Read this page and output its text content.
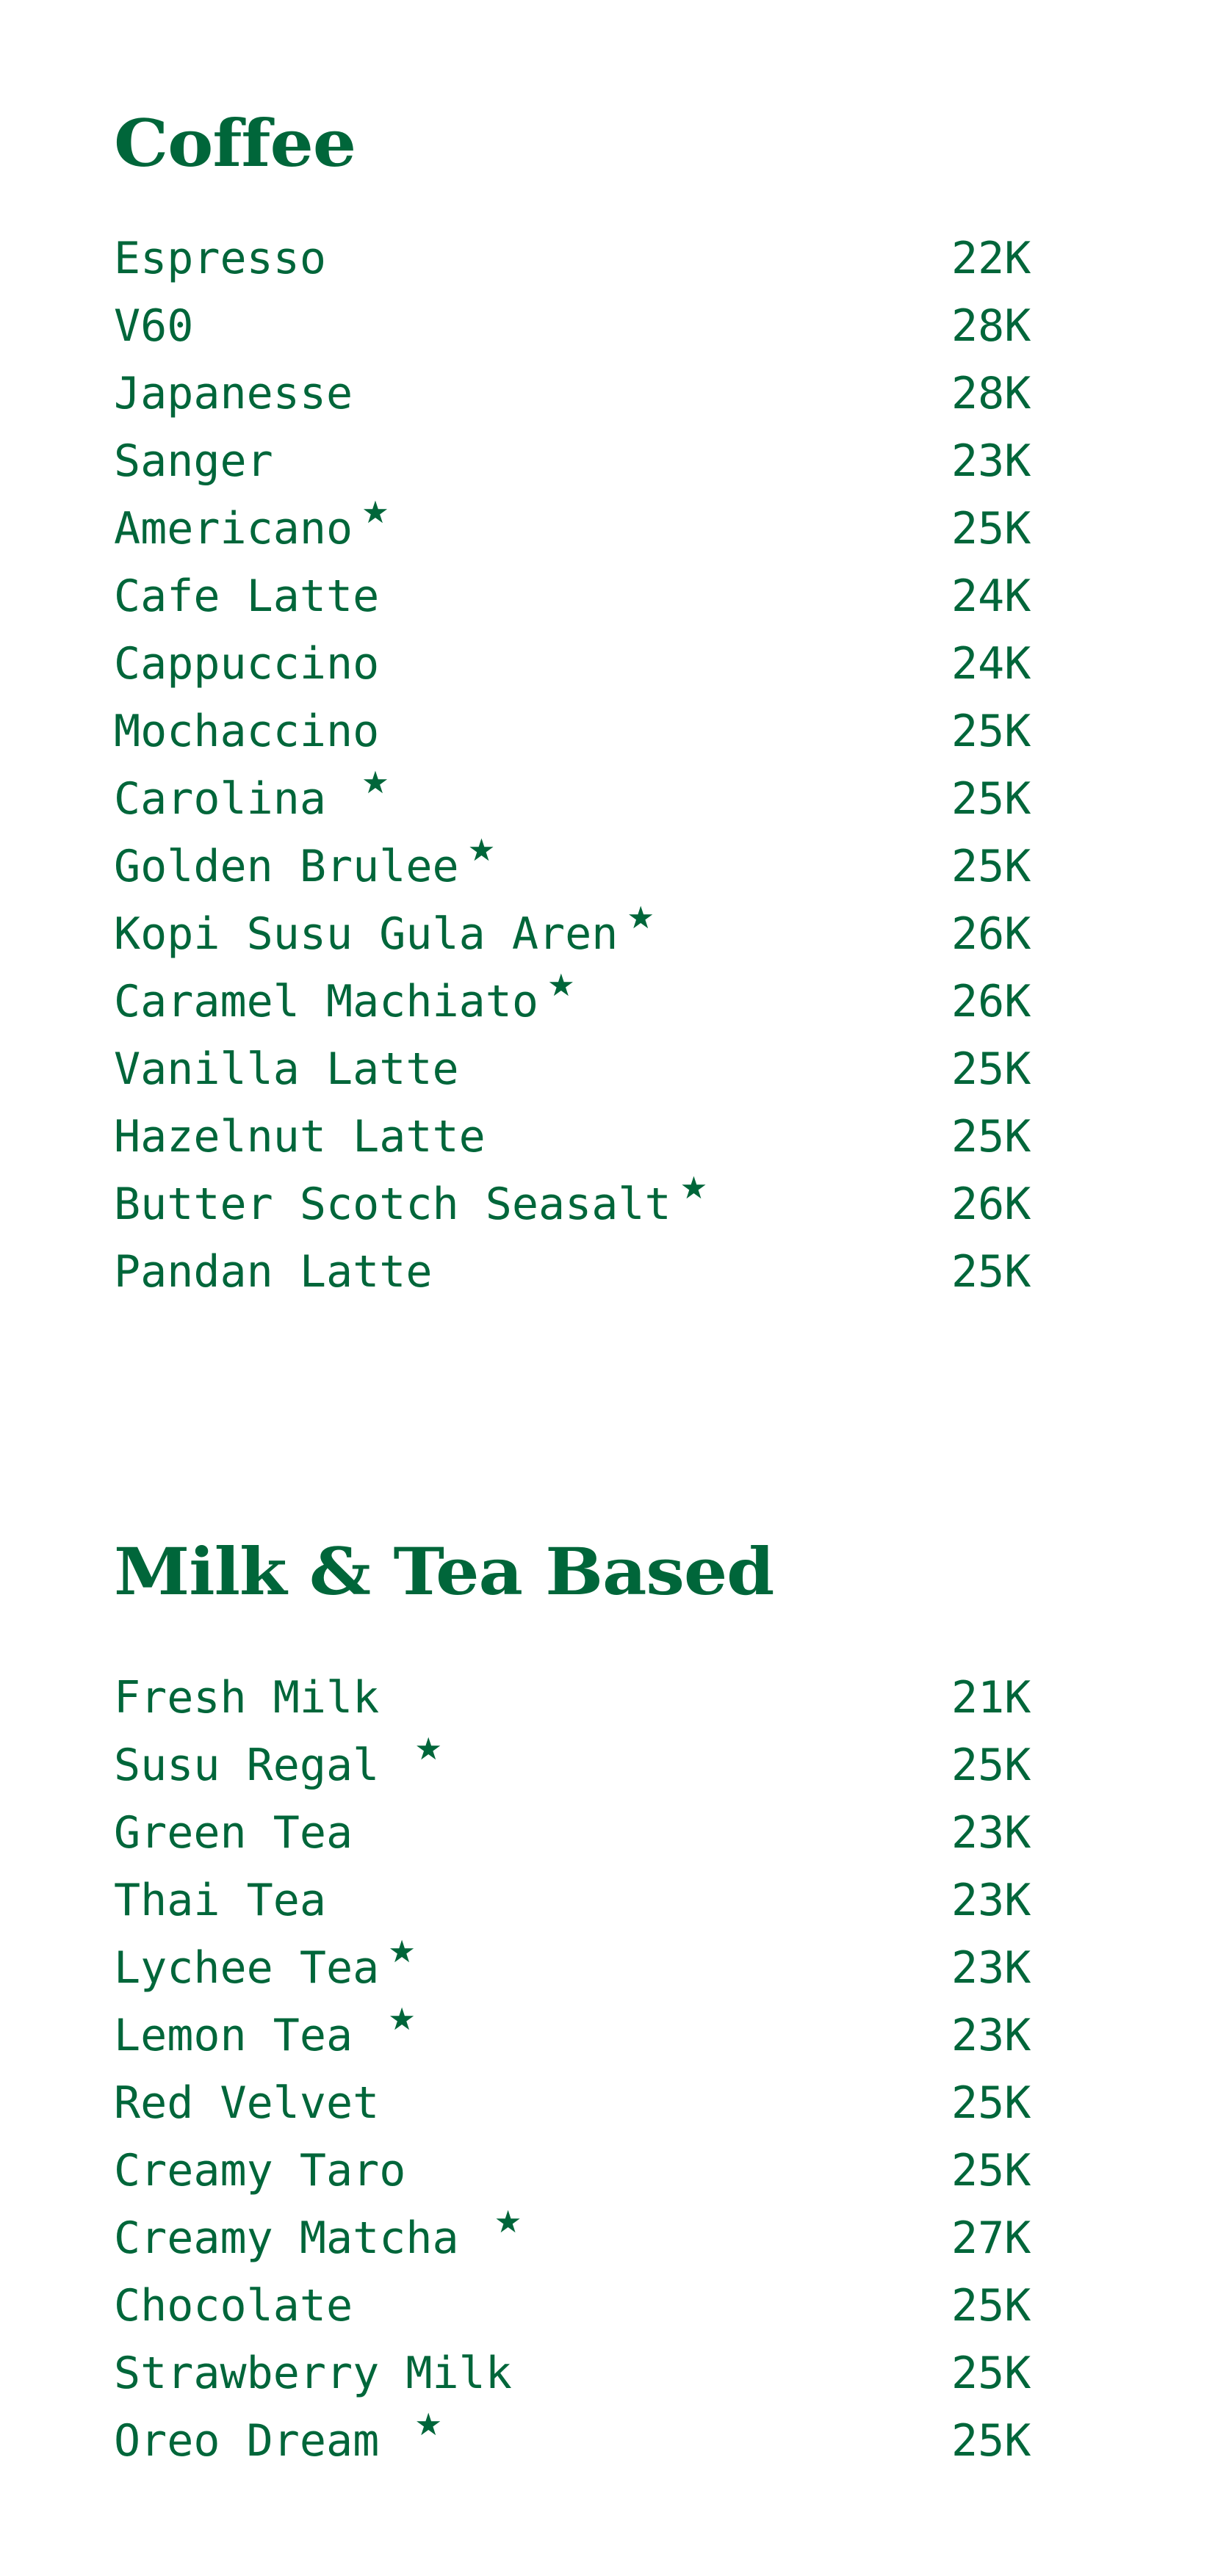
Coffee
Espresso	22K
V60	28K
Japanesse	28K
Sanger	23K
Americano ★	25K
Cafe Latte	24K
Cappuccino	24K
Mochaccino	25K
Carolina ★	25K
Golden Brulee ★	25K
Kopi Susu Gula Aren ★	26K
Caramel Machiato ★	26K
Vanilla Latte	25K
Hazelnut Latte	25K
Butter Scotch Seasalt ★	26K
Pandan Latte	25K
Milk & Tea Based
Fresh Milk	21K
Susu Regal ★	25K
Green Tea	23K
Thai Tea	23K
Lychee Tea ★	23K
Lemon Tea ★	23K
Red Velvet	25K
Creamy Taro	25K
Creamy Matcha ★	27K
Chocolate	25K
Strawberry Milk	25K
Oreo Dream ★	25K
